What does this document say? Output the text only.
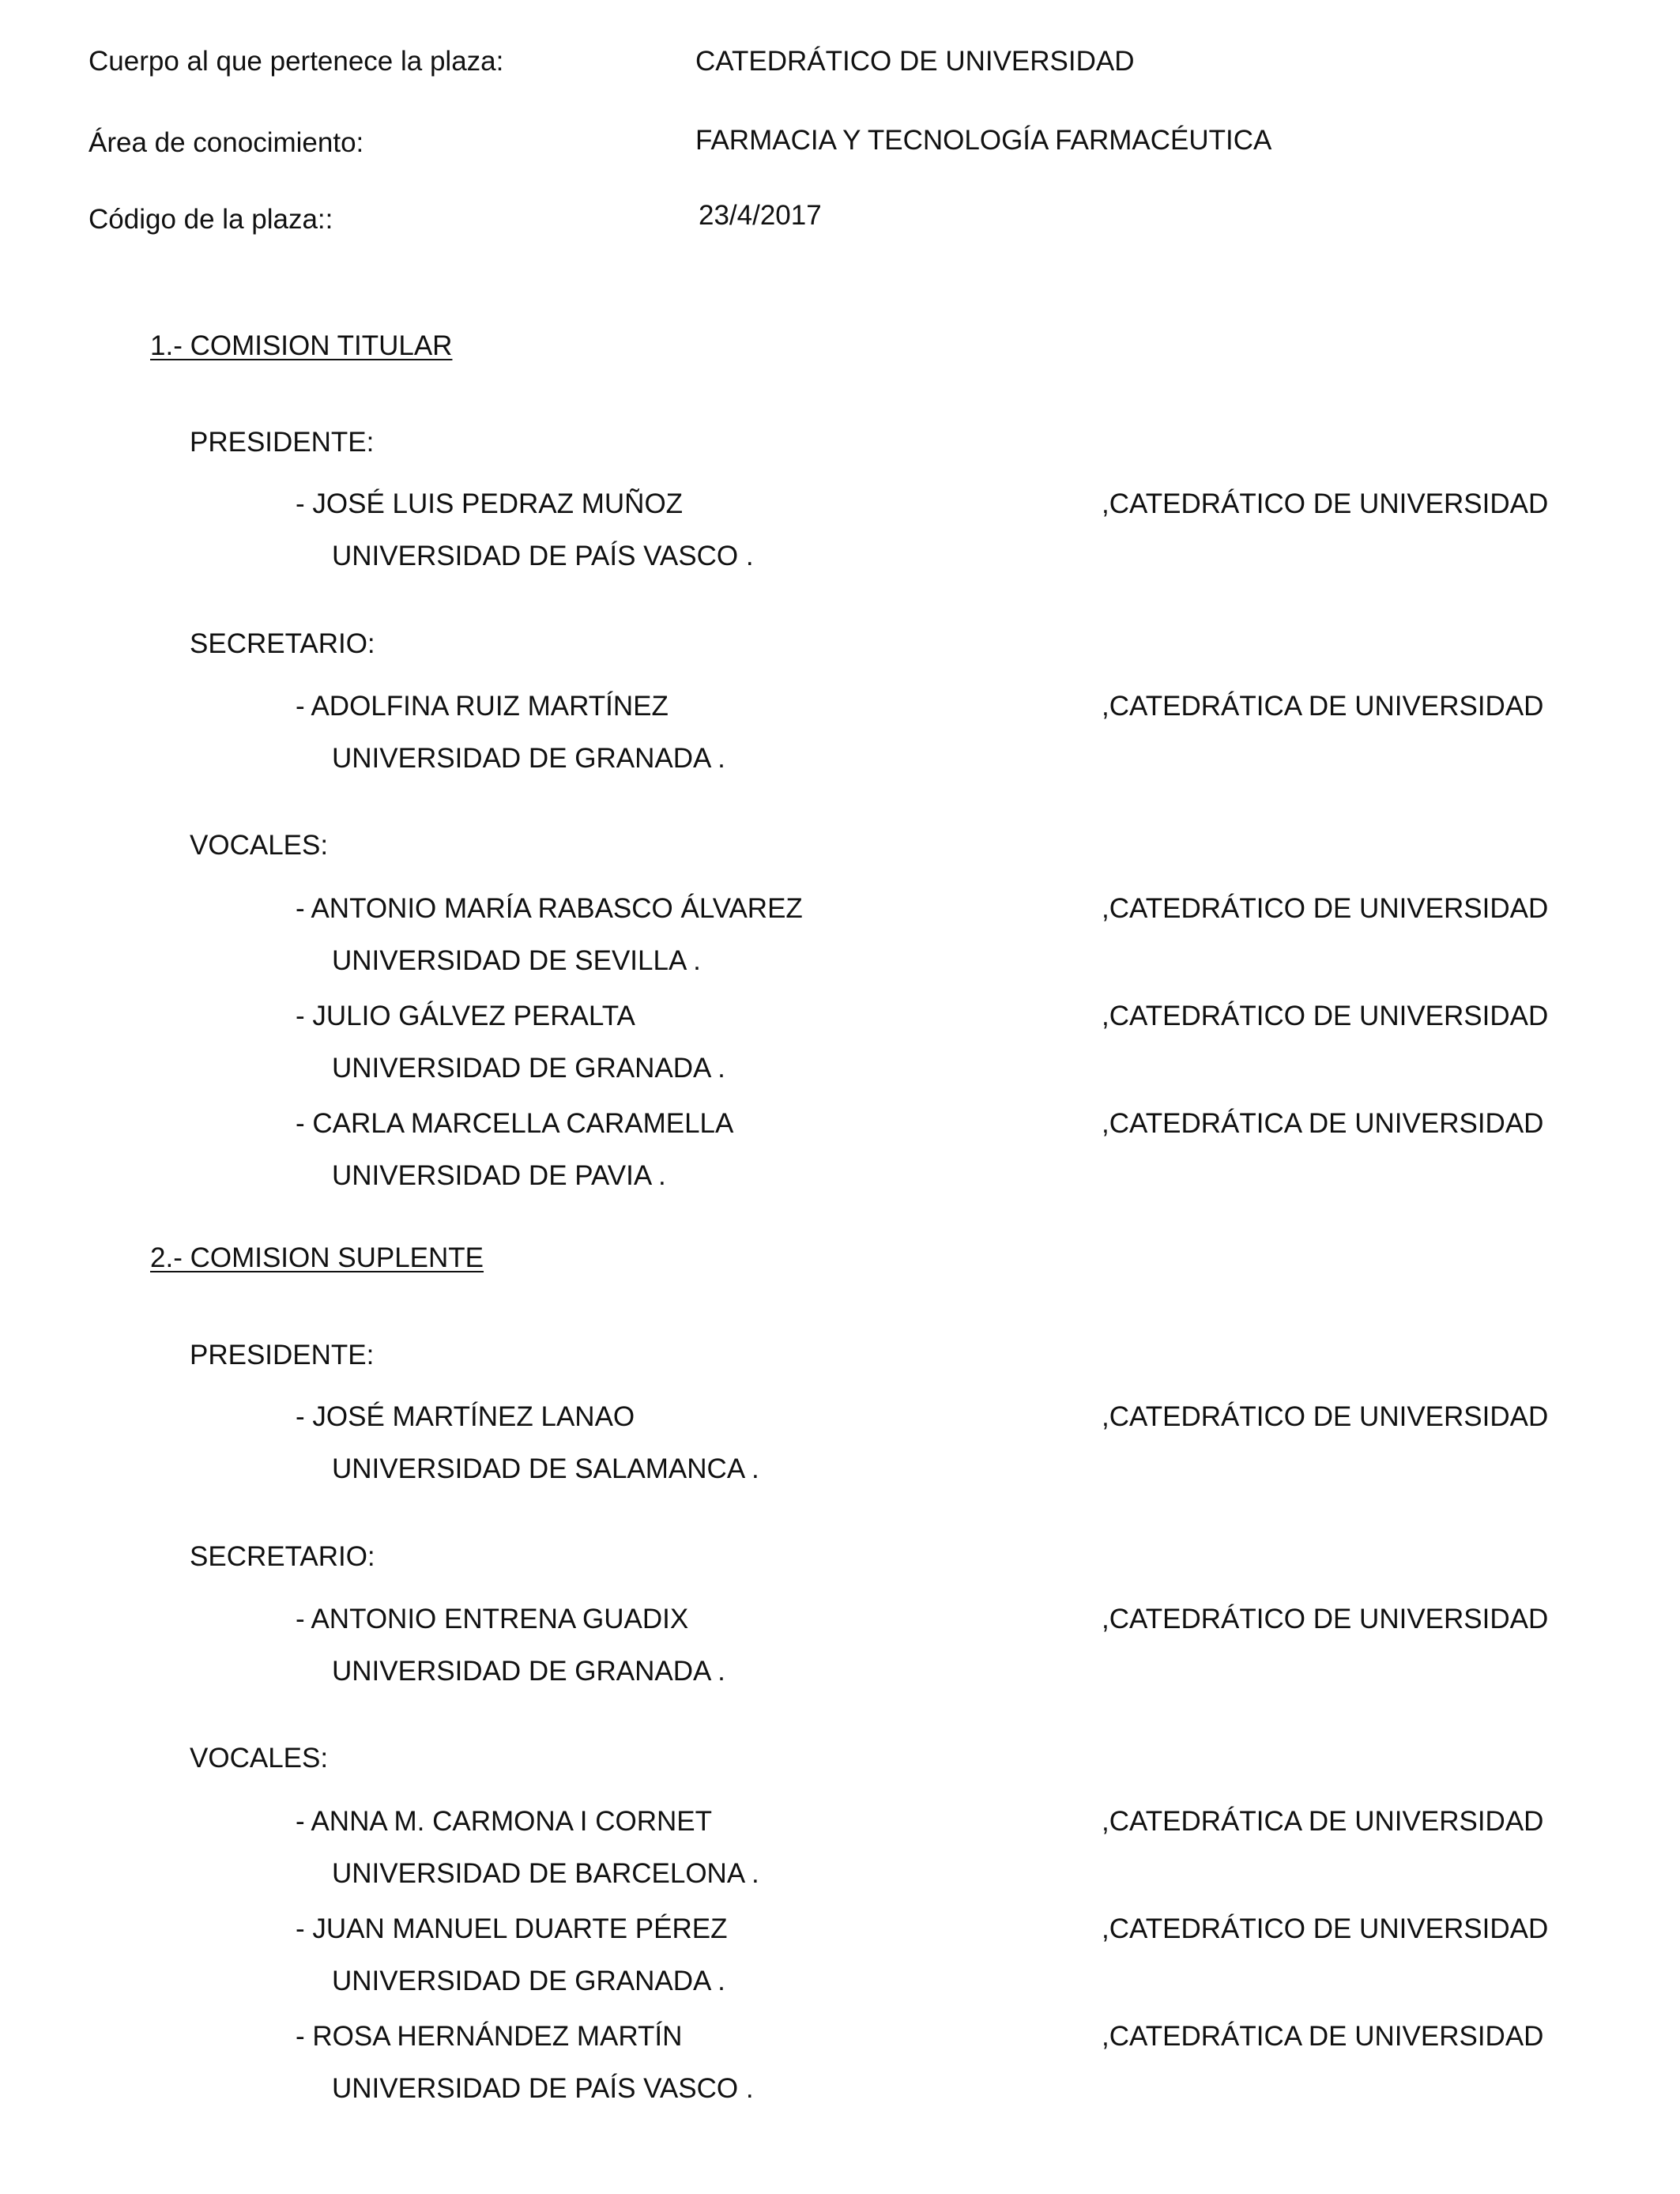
Cuerpo al que pertenece la plaza:	CATEDRÁTICO DE UNIVERSIDAD
Área de conocimiento:	FARMACIA Y TECNOLOGÍA FARMACÉUTICA
Código de la plaza::	23/4/2017
1.- COMISION TITULAR
PRESIDENTE:
- JOSÉ LUIS PEDRAZ MUÑOZ	,CATEDRÁTICO DE UNIVERSIDAD
UNIVERSIDAD DE PAÍS VASCO .
SECRETARIO:
- ADOLFINA RUIZ MARTÍNEZ	,CATEDRÁTICA DE UNIVERSIDAD
UNIVERSIDAD DE GRANADA .
VOCALES:
- ANTONIO MARÍA RABASCO ÁLVAREZ	,CATEDRÁTICO DE UNIVERSIDAD
UNIVERSIDAD DE SEVILLA .
- JULIO GÁLVEZ PERALTA	,CATEDRÁTICO DE UNIVERSIDAD
UNIVERSIDAD DE GRANADA .
- CARLA MARCELLA CARAMELLA	,CATEDRÁTICA DE UNIVERSIDAD
UNIVERSIDAD DE PAVIA .
2.- COMISION SUPLENTE
PRESIDENTE:
- JOSÉ MARTÍNEZ LANAO	,CATEDRÁTICO DE UNIVERSIDAD
UNIVERSIDAD DE SALAMANCA .
SECRETARIO:
- ANTONIO ENTRENA GUADIX	,CATEDRÁTICO DE UNIVERSIDAD
UNIVERSIDAD DE GRANADA .
VOCALES:
- ANNA M. CARMONA I CORNET	,CATEDRÁTICA DE UNIVERSIDAD
UNIVERSIDAD DE BARCELONA .
- JUAN MANUEL DUARTE PÉREZ	,CATEDRÁTICO DE UNIVERSIDAD
UNIVERSIDAD DE GRANADA .
- ROSA HERNÁNDEZ MARTÍN	,CATEDRÁTICA DE UNIVERSIDAD
UNIVERSIDAD DE PAÍS VASCO .
